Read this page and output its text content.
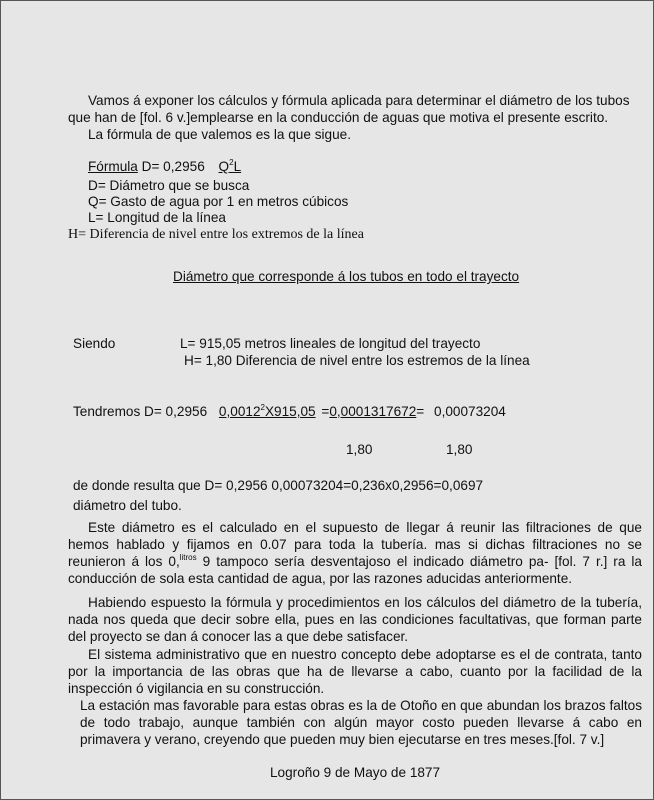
Vamos á exponer los cálculos y fórmula aplicada para determinar el diámetro de los tubos
que han de [fol. 6 v.]emplearse en la conducción de aguas que motiva el presente escrito.
La fórmula de que valemos es la que sigue.
Fórmula D= 0,2956 $Q^2L$
D= Diámetro que se busca
Q= Gasto de agua por 1 en metros cúbicos
L= Longitud de la línea
H= Diferencia de nivel entre los extremos de la línea
Diámetro que corresponde á los tubos en todo el trayecto
Siendo	L= 915,05 metros lineales de longitud del trayecto
H= 1,80 Diferencia de nivel entre los estremos de la línea
Tendremos D= 0,2956 $0,0012^2X915,05 =0,0001317672= 0,00073204$
1,80	1,80
de donde resulta que D= 0,2956 0,00073204=0,236x0,2956=0,0697
diámetro del tubo.

Este diámetro es el calculado en el supuesto de llegar á reunir las filtraciones de que hemos hablado y fijamos en 0.07 para toda la tubería. mas si dichas filtraciones no se reunieron á los 0,$^{litros}$ 9 tampoco sería desventajoso el indicado diámetro pa- [fol. 7 r.] ra la conducción de sola esta cantidad de agua, por las razones aducidas anteriormente.

Habiendo espuesto la fórmula y procedimientos en los cálculos del diámetro de la tubería, nada nos queda que decir sobre ella, pues en las condiciones facultativas, que forman parte del proyecto se dan á conocer las a que debe satisfacer.

El sistema administrativo que en nuestro concepto debe adoptarse es el de contrata, tanto por la importancia de las obras que ha de llevarse a cabo, cuanto por la facilidad de la inspección ó vigilancia en su construcción.

La estación mas favorable para estas obras es la de Otoño en que abundan los brazos faltos de todo trabajo, aunque también con algún mayor costo pueden llevarse á cabo en primavera y verano, creyendo que pueden muy bien ejecutarse en tres meses.[fol. 7 v.]

Logroño 9 de Mayo de 1877
